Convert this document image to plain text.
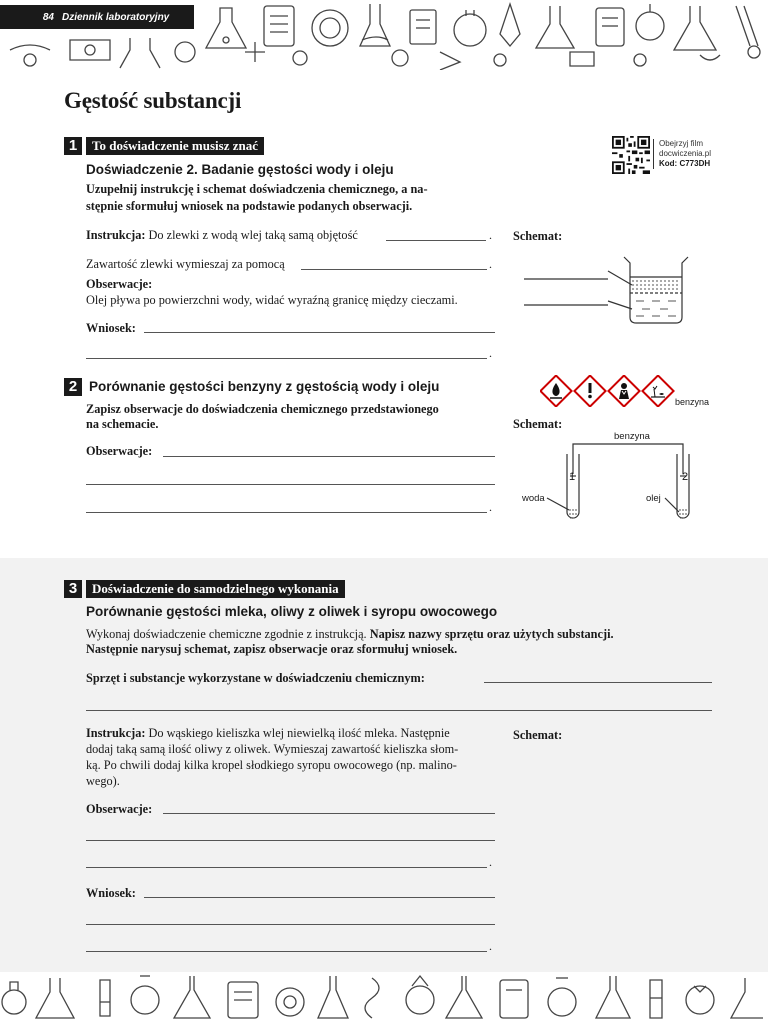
84 Dziennik laboratoryjny
Gęstość substancji
Obejrzyj film
docwiczenia.pl
Kod: C773DH
1	To doświadczenie musisz znać
Doświadczenie 2. Badanie gęstości wody i oleju
Uzupełnij instrukcję i schemat doświadczenia chemicznego, a na-
stępnie sformułuj wniosek na podstawie podanych obserwacji.
Instrukcja: Do zlewki z wodą wlej taką samą objętość	.
Zawartość zlewki wymieszaj za pomocą	.
Obserwacje:
Olej pływa po powierzchni wody, widać wyraźną granicę między cieczami.
Wniosek:
.
Schemat:
2 Porównanie gęstości benzyny z gęstością wody i oleju
Zapisz obserwacje do doświadczenia chemicznego przedstawionego
na schemacie.
Obserwacje:
.
benzyna
Schemat:
benzyna
1	2
woda	olej
3	Doświadczenie do samodzielnego wykonania
Porównanie gęstości mleka, oliwy z oliwek i syropu owocowego
Wykonaj doświadczenie chemiczne zgodnie z instrukcją. Napisz nazwy sprzętu oraz użytych substancji.
Następnie narysuj schemat, zapisz obserwacje oraz sformułuj wniosek.
Sprzęt i substancje wykorzystane w doświadczeniu chemicznym:
Instrukcja: Do wąskiego kieliszka wlej niewielką ilość mleka. Następnie
dodaj taką samą ilość oliwy z oliwek. Wymieszaj zawartość kieliszka słom-
ką. Po chwili dodaj kilka kropel słodkiego syropu owocowego (np. malino-
wego).
Schemat:
Obserwacje:
.
Wniosek:
.
